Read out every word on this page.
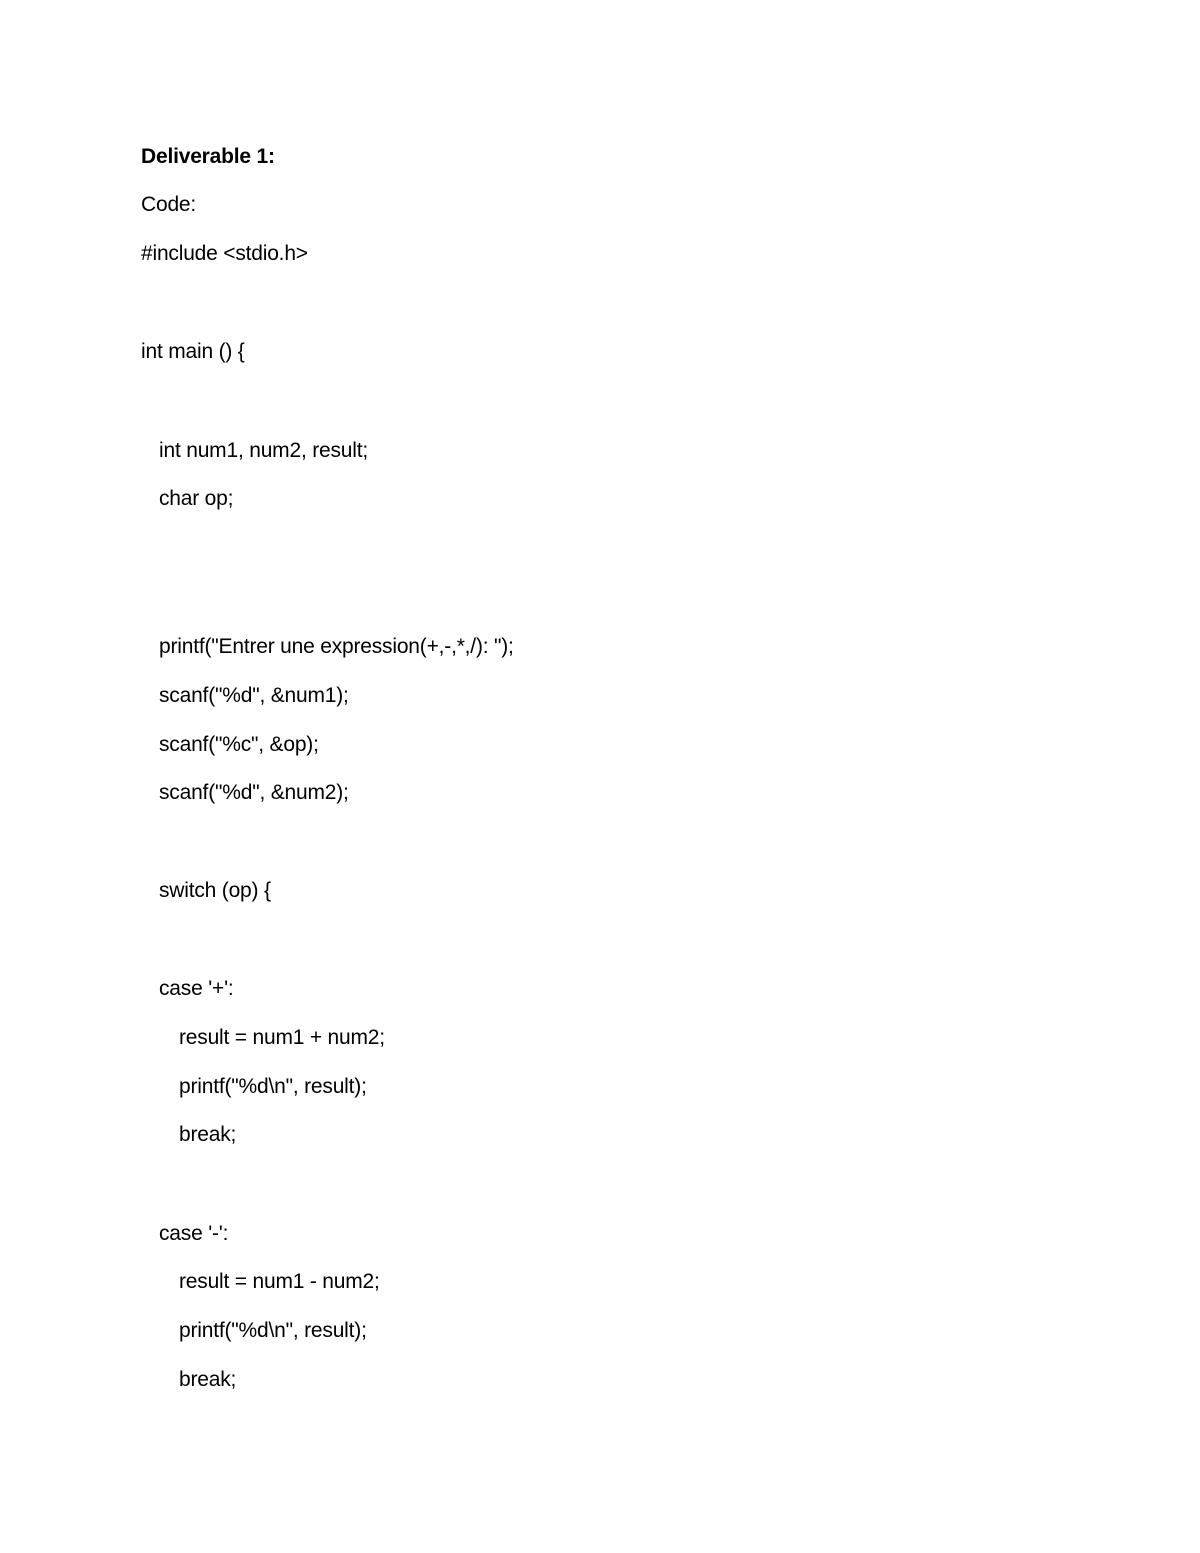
Deliverable 1:
Code:
#include <stdio.h>
int main () {
int num1, num2, result;
char op;
printf("Entrer une expression(+,-,*,/): ");
scanf("%d", &num1);
scanf("%c", &op);
scanf("%d", &num2);
switch (op) {
case '+':
result = num1 + num2;
printf("%d\n", result);
break;
case '-':
result = num1 - num2;
printf("%d\n", result);
break;
